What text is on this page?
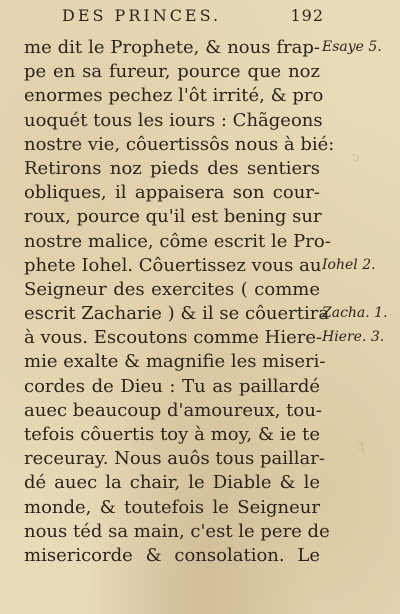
DES PRINCES.	192
me dit le Prophete, & nous frap-
pe en sa fureur, pource que noz
enormes pechez l'ôt irrité, & pro
uoquét tous les iours : Chãgeons
nostre vie, côuertissôs nous à bié:
Retirons noz pieds des sentiers
obliques, il appaisera son cour-
roux, pource qu'il est bening sur
nostre malice, côme escrit le Pro-
phete Iohel. Côuertissez vous au
Seigneur des exercites ( comme
escrit Zacharie ) & il se côuertira
à vous. Escoutons comme Hiere-
mie exalte & magnifie les miseri-
cordes de Dieu : Tu as paillardé
auec beaucoup d'amoureux, tou-
tefois côuertis toy à moy, & ie te
receuray. Nous auôs tous paillar-
dé auec la chair, le Diable & le
monde, & toutefois le Seigneur
nous téd sa main, c'est le pere de
misericorde & consolation. Le
Esaye 5.
Iohel 2.
Zacha. 1.
Hiere. 3.
c
f.
